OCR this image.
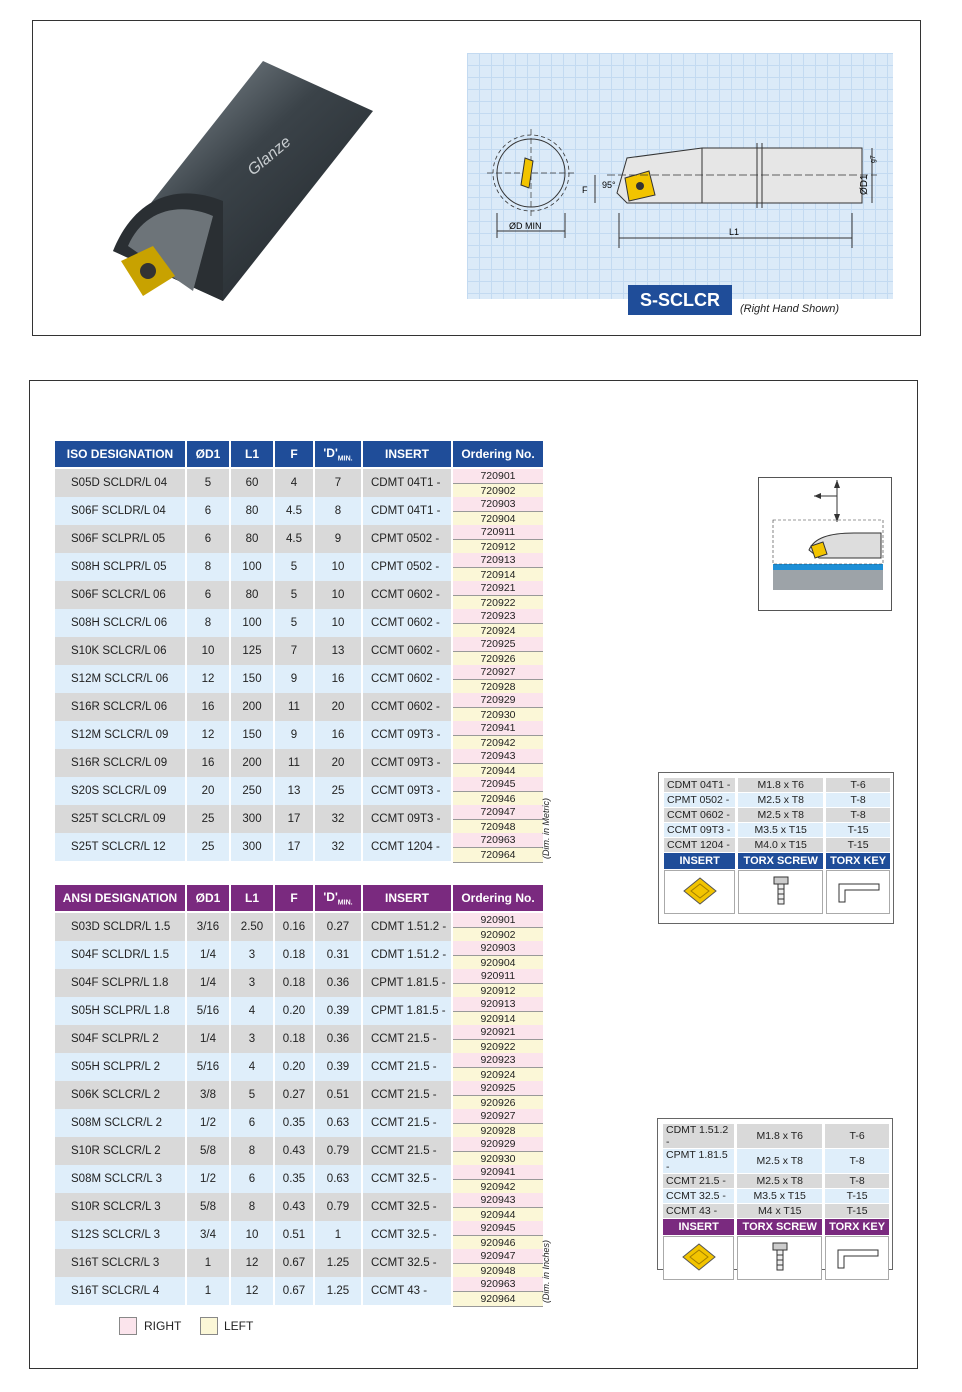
Glanze
ØD MIN
F 95°
L1
ØD1
g7
S-SCLCR	(Right Hand Shown)
ISO DESIGNATION	ØD1	L1	F	'$D'_{MIN.}$	INSERT	Ordering No.
S05D SCLDR/L 04	5	60	4	7	CDMT 04T1 -	720901
720902

S06F SCLDR/L 04	6	80	4.5	8	CDMT 04T1 -	720903
720904

S06F SCLPR/L 05	6	80	4.5	9	CPMT 0502 -	720911
720912

S08H SCLPR/L 05	8	100	5	10	CPMT 0502 -	720913
720914

S06F SCLCR/L 06	6	80	5	10	CCMT 0602 -	720921
720922

S08H SCLCR/L 06	8	100	5	10	CCMT 0602 -	720923
720924

S10K SCLCR/L 06	10	125	7	13	CCMT 0602 -	720925
720926

S12M SCLCR/L 06	12	150	9	16	CCMT 0602 -	720927
720928

S16R SCLCR/L 06	16	200	11	20	CCMT 0602 -	720929
720930

S12M SCLCR/L 09	12	150	9	16	CCMT 09T3 -	720941
720942

S16R SCLCR/L 09	16	200	11	20	CCMT 09T3 -	720943
720944

S20S SCLCR/L 09	20	250	13	25	CCMT 09T3 -	720945
720946

S25T SCLCR/L 09	25	300	17	32	CCMT 09T3 -	720947
720948

S25T SCLCR/L 12	25	300	17	32	CCMT 1204 -	720963
720964	(Dim. in Metric)
ANSI DESIGNATION	ØD1	L1	F	'$D'_{MIN.}$	INSERT	Ordering No.
S03D SCLDR/L 1.5	3/16	2.50	0.16	0.27	CDMT 1.51.2 -	920901
920902

S04F SCLDR/L 1.5	1/4	3	0.18	0.31	CDMT 1.51.2 -	920903
920904

S04F SCLPR/L 1.8	1/4	3	0.18	0.36	CPMT 1.81.5 -	920911
920912

S05H SCLPR/L 1.8	5/16	4	0.20	0.39	CPMT 1.81.5 -	920913
920914

S04F SCLPR/L 2	1/4	3	0.18	0.36	CCMT 21.5 -	920921
920922

S05H SCLPR/L 2	5/16	4	0.20	0.39	CCMT 21.5 -	920923
920924

S06K SCLCR/L 2	3/8	5	0.27	0.51	CCMT 21.5 -	920925
920926

S08M SCLCR/L 2	1/2	6	0.35	0.63	CCMT 21.5 -	920927
920928

S10R SCLCR/L 2	5/8	8	0.43	0.79	CCMT 21.5 -	920929
920930

S08M SCLCR/L 3	1/2	6	0.35	0.63	CCMT 32.5 -	920941
920942

S10R SCLCR/L 3	5/8	8	0.43	0.79	CCMT 32.5 -	920943
920944

S12S SCLCR/L 3	3/4	10	0.51	1	CCMT 32.5 -	920945
920946

S16T SCLCR/L 3	1	12	0.67	1.25	CCMT 32.5 -	920947
920948

S16T SCLCR/L 4	1	12	0.67	1.25	CCMT 43 -	920963
920964	(Dim. in Inches)
RIGHT	LEFT
CDMT 04T1 -	M1.8 x T6	T-6
CPMT 0502 -	M2.5 x T8	T-8
CCMT 0602 -	M2.5 x T8	T-8
CCMT 09T3 -	M3.5 x T15	T-15
CCMT 1204 -	M4.0 x T15	T-15
INSERT	TORX SCREW	TORX KEY

CDMT 1.51.2 -	M1.8 x T6	T-6
CPMT 1.81.5 -	M2.5 x T8	T-8
CCMT 21.5 -	M2.5 x T8	T-8
CCMT 32.5 -	M3.5 x T15	T-15
CCMT 43 -	M4 x T15	T-15
INSERT	TORX SCREW	TORX KEY
